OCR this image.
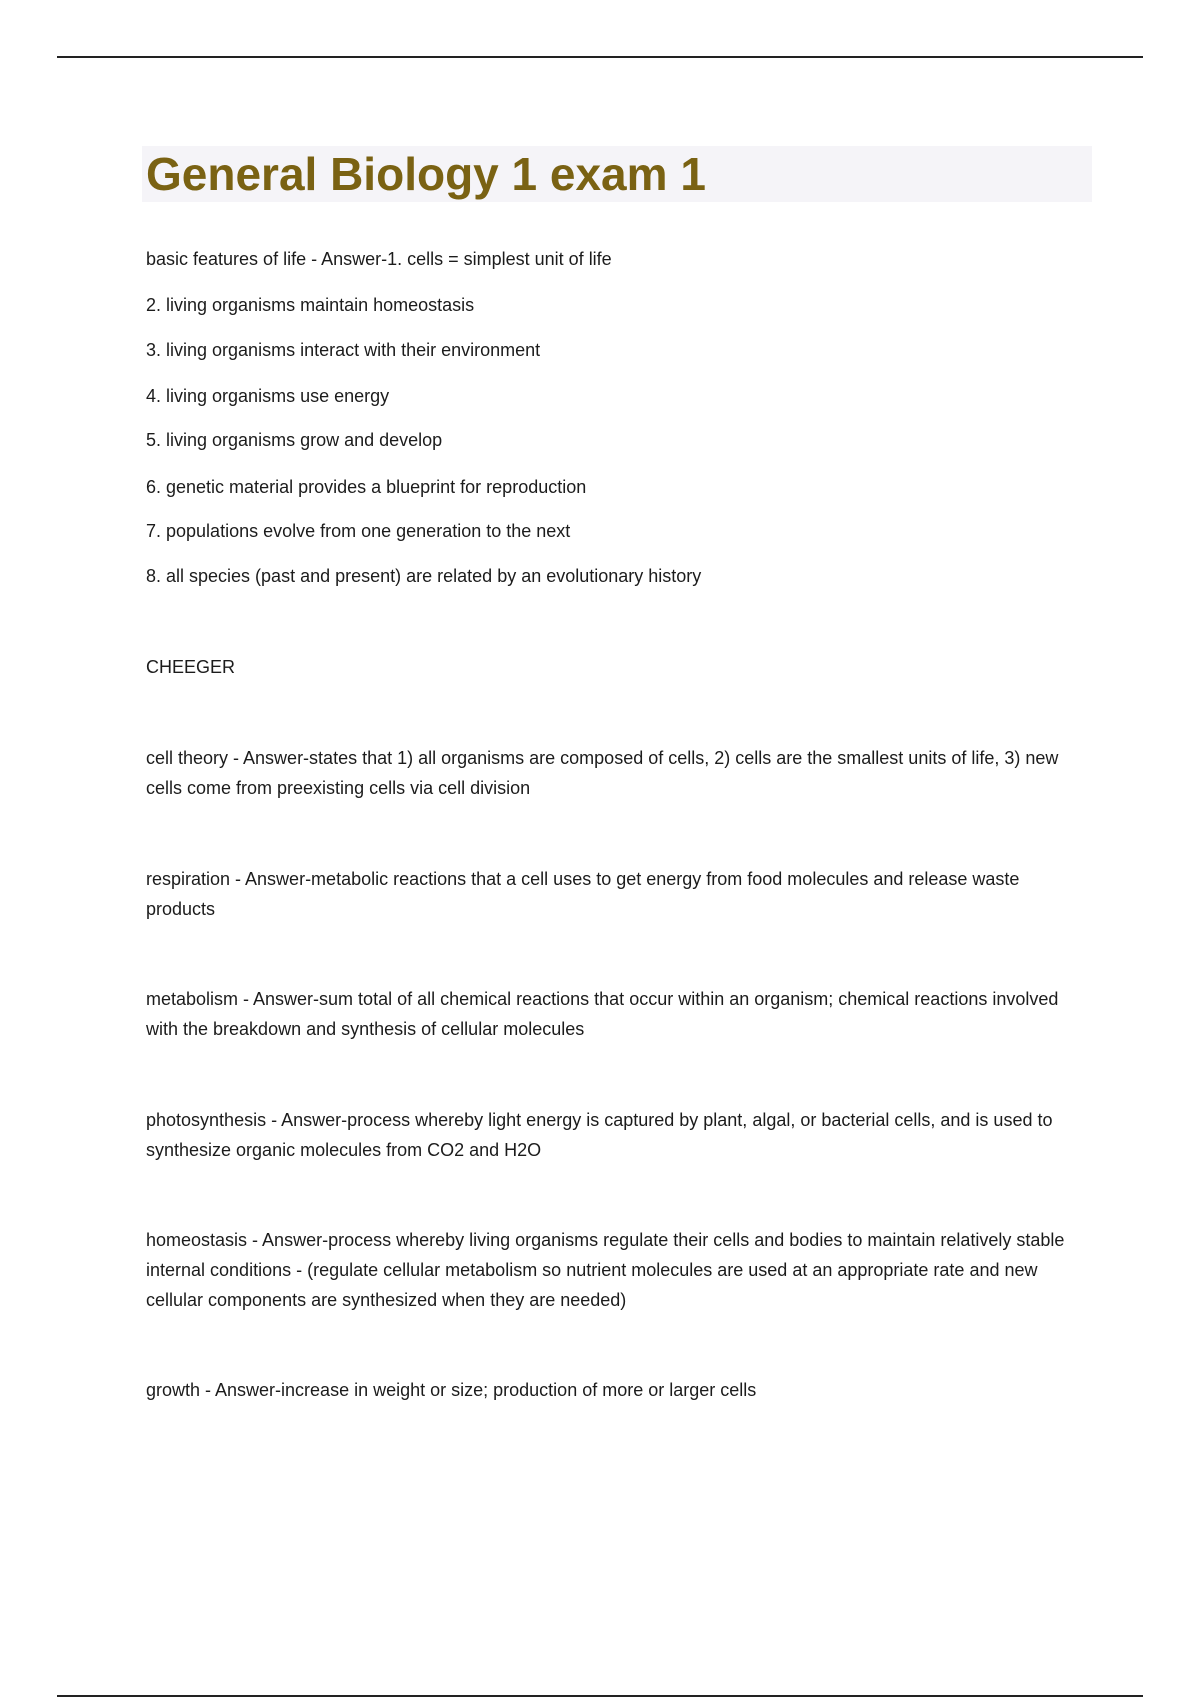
General Biology 1 exam 1
basic features of life - Answer-1. cells = simplest unit of life
2. living organisms maintain homeostasis
3. living organisms interact with their environment
4. living organisms use energy
5. living organisms grow and develop
6. genetic material provides a blueprint for reproduction
7. populations evolve from one generation to the next
8. all species (past and present) are related by an evolutionary history
CHEEGER
cell theory - Answer-states that 1) all organisms are composed of cells, 2) cells are the smallest units of life, 3) new cells come from preexisting cells via cell division
respiration - Answer-metabolic reactions that a cell uses to get energy from food molecules and release waste products
metabolism - Answer-sum total of all chemical reactions that occur within an organism; chemical reactions involved with the breakdown and synthesis of cellular molecules
photosynthesis - Answer-process whereby light energy is captured by plant, algal, or bacterial cells, and is used to synthesize organic molecules from CO2 and H2O
homeostasis - Answer-process whereby living organisms regulate their cells and bodies to maintain relatively stable internal conditions - (regulate cellular metabolism so nutrient molecules are used at an appropriate rate and new cellular components are synthesized when they are needed)
growth - Answer-increase in weight or size; production of more or larger cells
